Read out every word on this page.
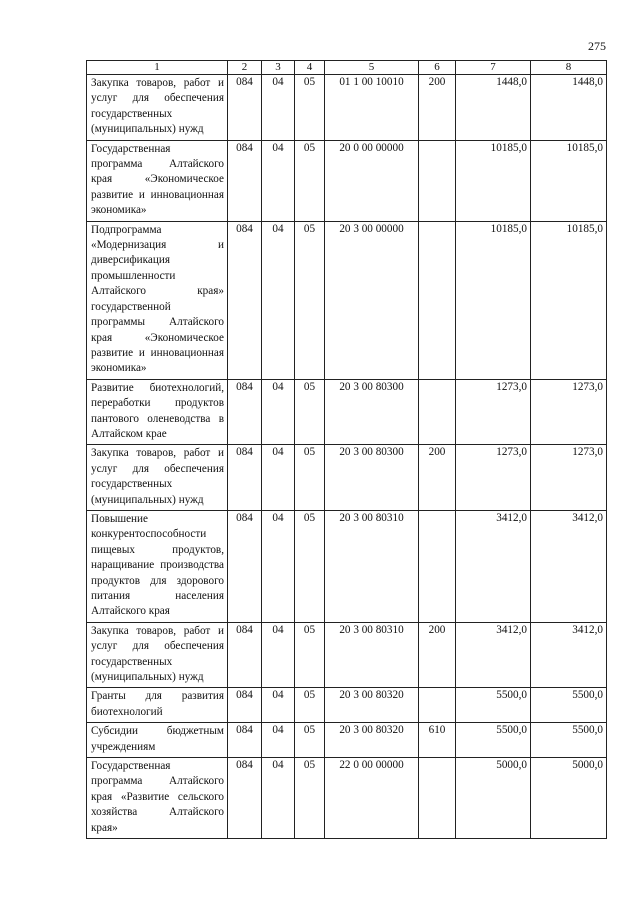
275
1	2	3	4	5	6	7	8
Закупка товаров, работ и услуг для обеспечения государственных (муниципальных) нужд	084	04	05	01 1 00 10010	200	1448,0	1448,0
Государственная программа Алтайского края «Экономическое развитие и инновационная экономика»	084	04	05	20 0 00 00000		10185,0	10185,0
Подпрограмма «Модернизация и диверсификация промышленности Алтайского края» государственной программы Алтайского края «Экономическое развитие и инновационная экономика»	084	04	05	20 3 00 00000		10185,0	10185,0
Развитие биотехнологий, переработки продуктов пантового оленеводства в Алтайском крае	084	04	05	20 3 00 80300		1273,0	1273,0
Закупка товаров, работ и услуг для обеспечения государственных (муниципальных) нужд	084	04	05	20 3 00 80300	200	1273,0	1273,0
Повышение конкурентоспособности пищевых продуктов, наращивание производства продуктов для здорового питания населения Алтайского края	084	04	05	20 3 00 80310		3412,0	3412,0
Закупка товаров, работ и услуг для обеспечения государственных (муниципальных) нужд	084	04	05	20 3 00 80310	200	3412,0	3412,0
Гранты для развития биотехнологий	084	04	05	20 3 00 80320		5500,0	5500,0
Субсидии бюджетным учреждениям	084	04	05	20 3 00 80320	610	5500,0	5500,0
Государственная программа Алтайского края «Развитие сельского хозяйства Алтайского края»	084	04	05	22 0 00 00000		5000,0	5000,0
